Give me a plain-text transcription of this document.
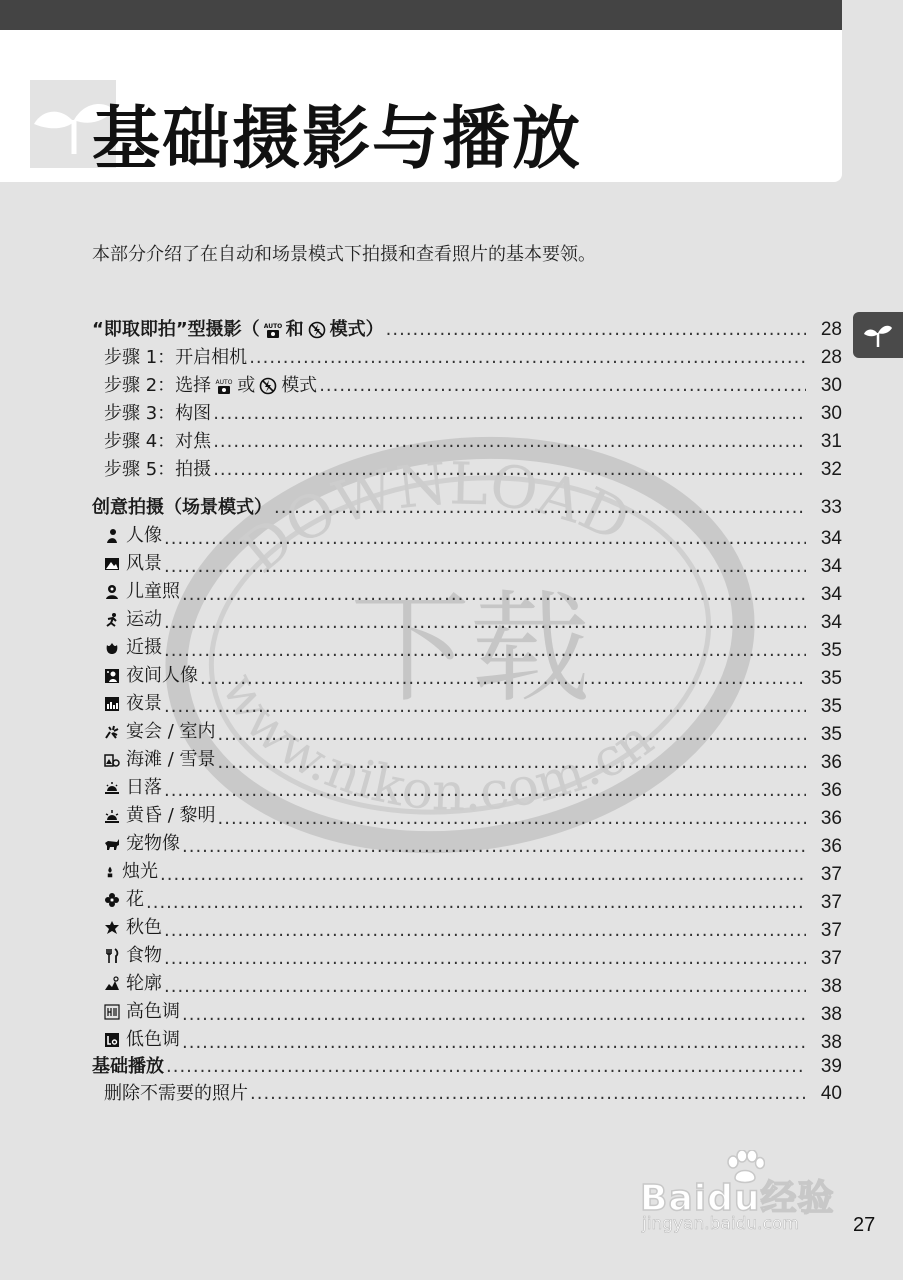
基础摄影与播放
本部分介绍了在自动和场景模式下拍摄和查看照片的基本要领。
DOWNLOAD
下载
www.nikon.com.cn
“即取即拍”型摄影（ AUTO 和 模式） .....	28
步骤 1：开启相机 .....	28
步骤 2：选择 AUTO 或 模式 .....	30
步骤 3：构图 .....	30
步骤 4：对焦 .....	31
步骤 5：拍摄 .....	32
创意拍摄（场景模式） .....	33
人像 .....	34
风景 .....	34
儿童照 .....	34
运动 .....	34
近摄 .....	35
夜间人像 .....	35
夜景 .....	35
宴会 / 室内 .....	35
海滩 / 雪景 .....	36
日落 .....	36
黄昏 / 黎明 .....	36
宠物像 .....	36
烛光 .....	37
花 .....	37
秋色 .....	37
食物 .....	37
轮廓 .....	38
高色调 .....	38
低色调 .....	38
基础播放 .....	39
删除不需要的照片 .....	40
Baidu经验
jingyan.baidu.com	27
